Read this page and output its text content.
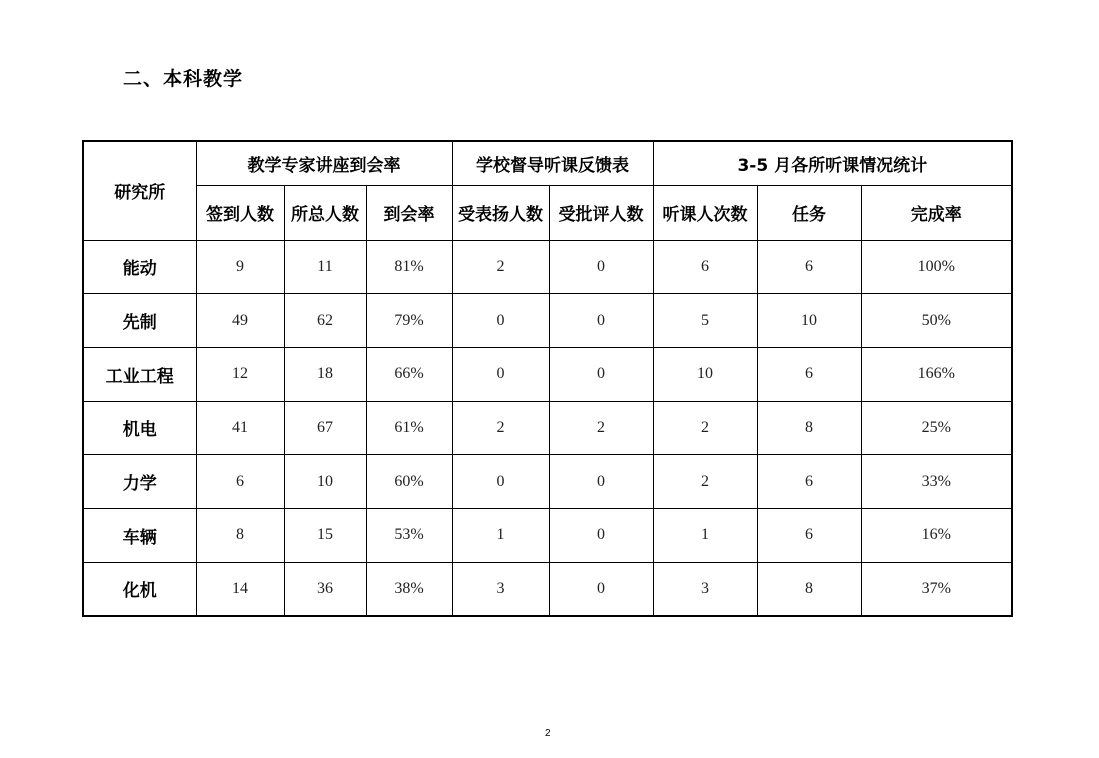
二、本科教学
研究所	教学专家讲座到会率			学校督导听课反馈表		3-5 月各所听课情况统计		
	签到人数	所总人数	到会率	受表扬人数	受批评人数	听课人次数	任务	完成率
能动	9	11	81%	2	0	6	6	100%
先制	49	62	79%	0	0	5	10	50%
工业工程	12	18	66%	0	0	10	6	166%
机电	41	67	61%	2	2	2	8	25%
力学	6	10	60%	0	0	2	6	33%
车辆	8	15	53%	1	0	1	6	16%
化机	14	36	38%	3	0	3	8	37%
2
